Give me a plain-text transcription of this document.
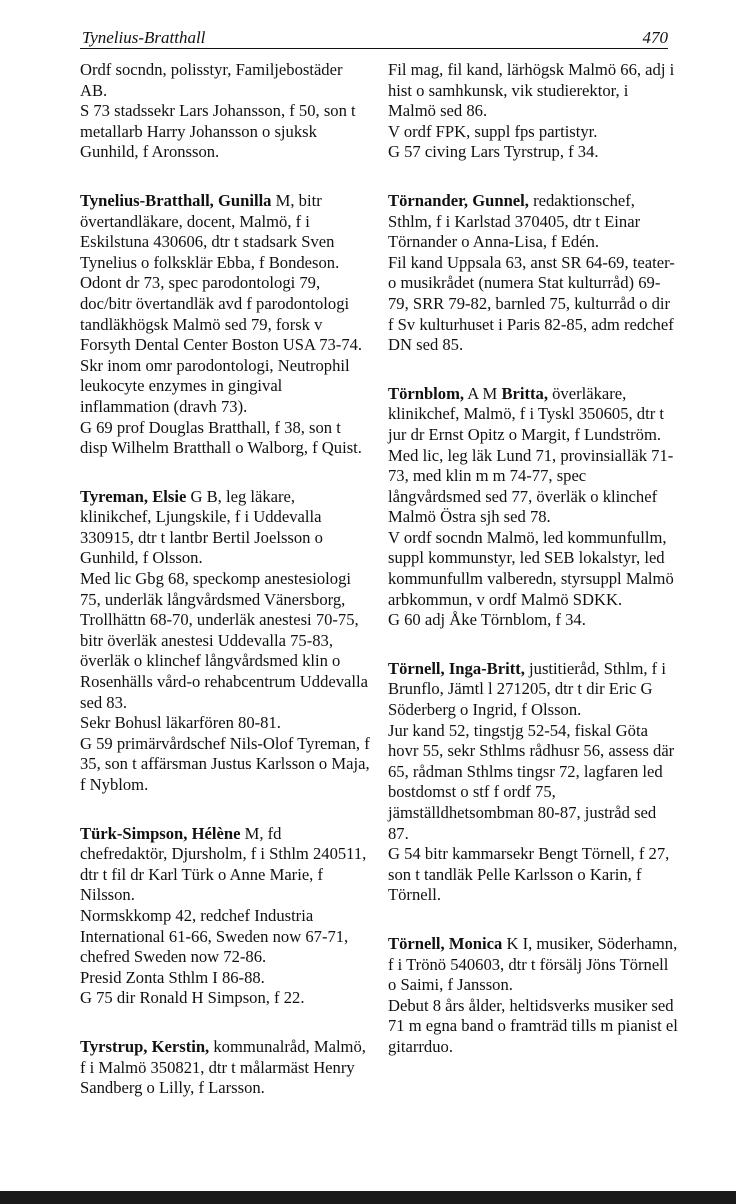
Tynelius-Bratthall	470

Ordf socndn, polisstyr, Familjebostäder AB.

S 73 stadssekr Lars Johansson, f 50, son t metallarb Harry Johansson o sjuksk Gunhild, f Aronsson.

Tynelius-Bratthall, Gunilla M, bitr övertandläkare, docent, Malmö, f i Eskilstuna 430606, dtr t stadsark Sven Tynelius o folksklär Ebba, f Bondeson.

Odont dr 73, spec parodontologi 79, doc/bitr övertandläk avd f parodontologi tandläkhögsk Malmö sed 79, forsk v Forsyth Dental Center Boston USA 73-74.

Skr inom omr parodontologi, Neutrophil leukocyte enzymes in gingival inflammation (dravh 73).

G 69 prof Douglas Bratthall, f 38, son t disp Wilhelm Bratthall o Walborg, f Quist.

Tyreman, Elsie G B, leg läkare, klinikchef, Ljungskile, f i Uddevalla 330915, dtr t lantbr Bertil Joelsson o Gunhild, f Olsson.

Med lic Gbg 68, speckomp anestesiologi 75, underläk långvårdsmed Vänersborg, Trollhättn 68-70, underläk anestesi 70-75, bitr överläk anestesi Uddevalla 75-83, överläk o klinchef långvårdsmed klin o Rosenhälls vård-o rehabcentrum Uddevalla sed 83.

Sekr Bohusl läkarfören 80-81.

G 59 primärvårdschef Nils-Olof Tyreman, f 35, son t affärsman Justus Karlsson o Maja, f Nyblom.

Türk-Simpson, Hélène M, fd chefredaktör, Djursholm, f i Sthlm 240511, dtr t fil dr Karl Türk o Anne Marie, f Nilsson.

Normskkomp 42, redchef Industria International 61-66, Sweden now 67-71, chefred Sweden now 72-86.

Presid Zonta Sthlm I 86-88.

G 75 dir Ronald H Simpson, f 22.

Tyrstrup, Kerstin, kommunalråd, Malmö, f i Malmö 350821, dtr t målarmäst Henry Sandberg o Lilly, f Larsson.

Fil mag, fil kand, lärhögsk Malmö 66, adj i hist o samhkunsk, vik studierektor, i Malmö sed 86.

V ordf FPK, suppl fps partistyr.

G 57 civing Lars Tyrstrup, f 34.

Törnander, Gunnel, redaktionschef, Sthlm, f i Karlstad 370405, dtr t Einar Törnander o Anna-Lisa, f Edén.

Fil kand Uppsala 63, anst SR 64-69, teater- o musikrådet (numera Stat kulturråd) 69-79, SRR 79-82, barnled 75, kulturråd o dir f Sv kulturhuset i Paris 82-85, adm redchef DN sed 85.

Törnblom, A M Britta, överläkare, klinikchef, Malmö, f i Tyskl 350605, dtr t jur dr Ernst Opitz o Margit, f Lundström.

Med lic, leg läk Lund 71, provinsialläk 71-73, med klin m m 74-77, spec långvårdsmed sed 77, överläk o klinchef Malmö Östra sjh sed 78.

V ordf socndn Malmö, led kommunfullm, suppl kommunstyr, led SEB lokalstyr, led kommunfullm valberedn, styrsuppl Malmö arbkommun, v ordf Malmö SDKK.

G 60 adj Åke Törnblom, f 34.

Törnell, Inga-Britt, justitieråd, Sthlm, f i Brunflo, Jämtl l 271205, dtr t dir Eric G Söderberg o Ingrid, f Olsson.

Jur kand 52, tingstjg 52-54, fiskal Göta hovr 55, sekr Sthlms rådhusr 56, assess där 65, rådman Sthlms tingsr 72, lagfaren led bostdomst o stf f ordf 75, jämställdhetsombman 80-87, justråd sed 87.

G 54 bitr kammarsekr Bengt Törnell, f 27, son t tandläk Pelle Karlsson o Karin, f Törnell.

Törnell, Monica K I, musiker, Söderhamn, f i Trönö 540603, dtr t försälj Jöns Törnell o Saimi, f Jansson.

Debut 8 års ålder, heltidsverks musiker sed 71 m egna band o framträd tills m pianist el gitarrduo.
